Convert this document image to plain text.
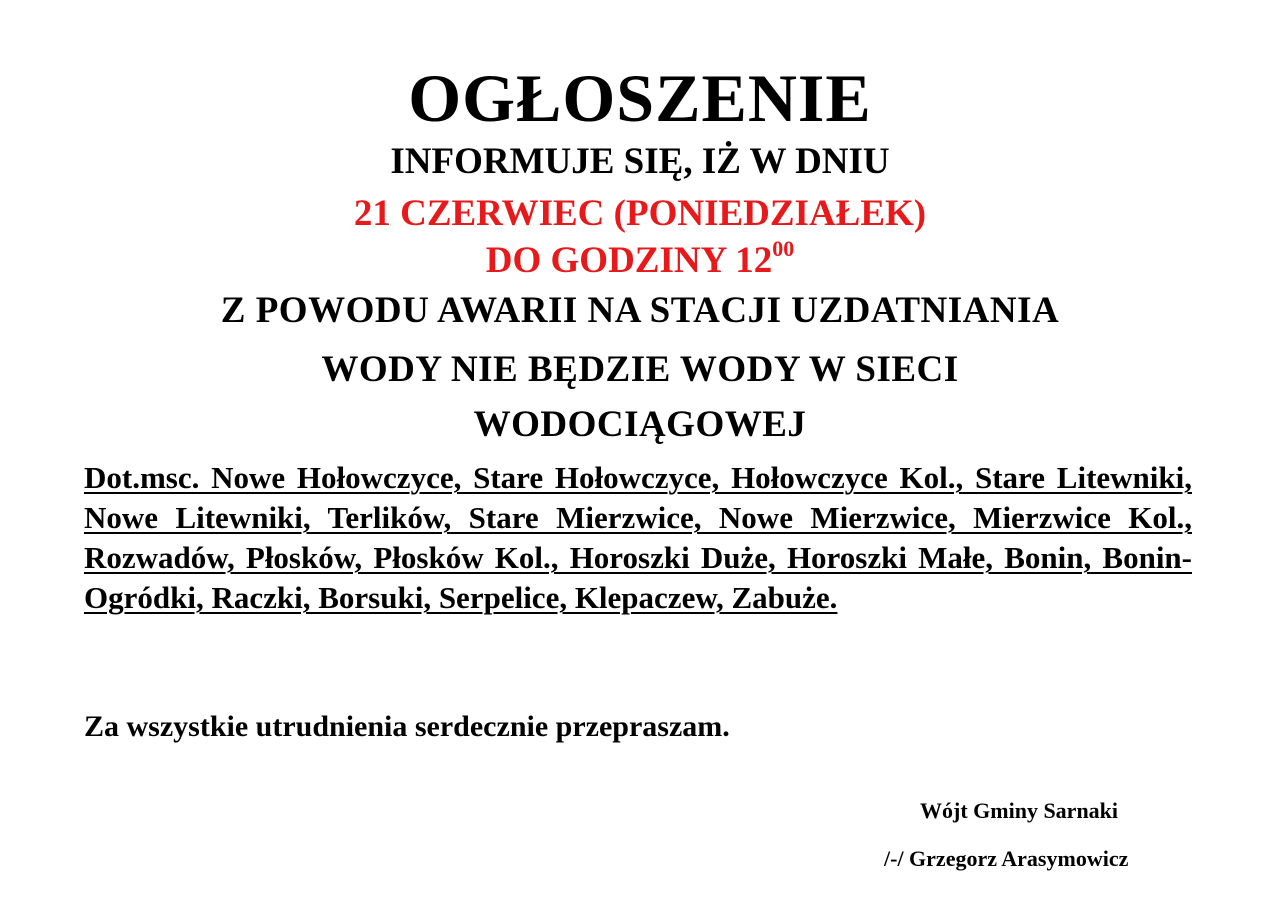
OGŁOSZENIE
INFORMUJE SIĘ, IŻ W DNIU
21 CZERWIEC (PONIEDZIAŁEK)
DO GODZINY $12^{00}$
Z POWODU AWARII NA STACJI UZDATNIANIA
WODY NIE BĘDZIE WODY W SIECI
WODOCIĄGOWEJ
Dot.msc. Nowe Hołowczyce, Stare Hołowczyce, Hołowczyce Kol., Stare Litewniki, Nowe Litewniki, Terlików, Stare Mierzwice, Nowe Mierzwice, Mierzwice Kol., Rozwadów, Płosków, Płosków Kol., Horoszki Duże, Horoszki Małe, Bonin, Bonin-Ogródki, Raczki, Borsuki, Serpelice, Klepaczew, Zabuże.
Za wszystkie utrudnienia serdecznie przepraszam.
Wójt Gminy Sarnaki
/-/ Grzegorz Arasymowicz
